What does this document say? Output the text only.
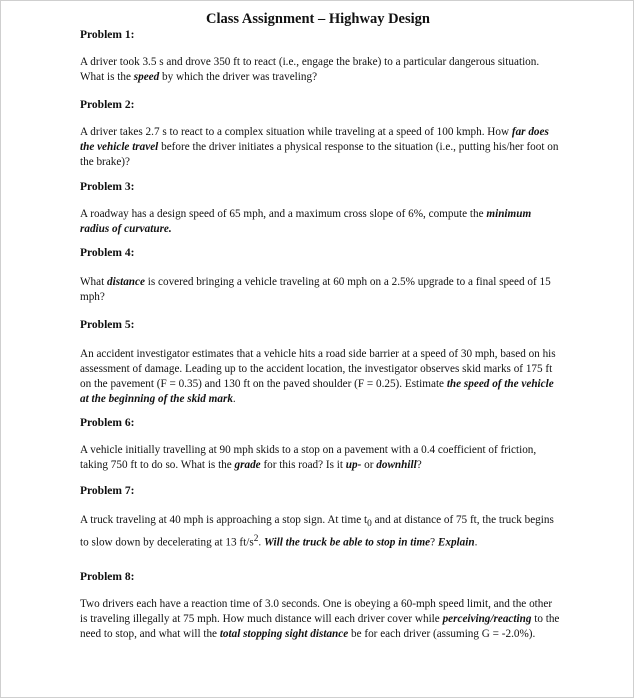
Class Assignment – Highway Design
Problem 1:
A driver took 3.5 s and drove 350 ft to react (i.e., engage the brake) to a particular dangerous situation. What is the speed by which the driver was traveling?
Problem 2:
A driver takes 2.7 s to react to a complex situation while traveling at a speed of 100 kmph. How far does the vehicle travel before the driver initiates a physical response to the situation (i.e., putting his/her foot on the brake)?
Problem 3:
A roadway has a design speed of 65 mph, and a maximum cross slope of 6%, compute the minimum radius of curvature.
Problem 4:
What distance is covered bringing a vehicle traveling at 60 mph on a 2.5% upgrade to a final speed of 15 mph?
Problem 5:
An accident investigator estimates that a vehicle hits a road side barrier at a speed of 30 mph, based on his assessment of damage. Leading up to the accident location, the investigator observes skid marks of 175 ft on the pavement (F = 0.35) and 130 ft on the paved shoulder (F = 0.25). Estimate the speed of the vehicle at the beginning of the skid mark.
Problem 6:
A vehicle initially travelling at 90 mph skids to a stop on a pavement with a 0.4 coefficient of friction, taking 750 ft to do so. What is the grade for this road? Is it up- or downhill?
Problem 7:
A truck traveling at 40 mph is approaching a stop sign. At time $t_0$ and at distance of 75 ft, the truck begins to slow down by decelerating at 13 $ft/s^2$. Will the truck be able to stop in time? Explain.
Problem 8:
Two drivers each have a reaction time of 3.0 seconds. One is obeying a 60-mph speed limit, and the other is traveling illegally at 75 mph. How much distance will each driver cover while perceiving/reacting to the need to stop, and what will the total stopping sight distance be for each driver (assuming G = -2.0%).
